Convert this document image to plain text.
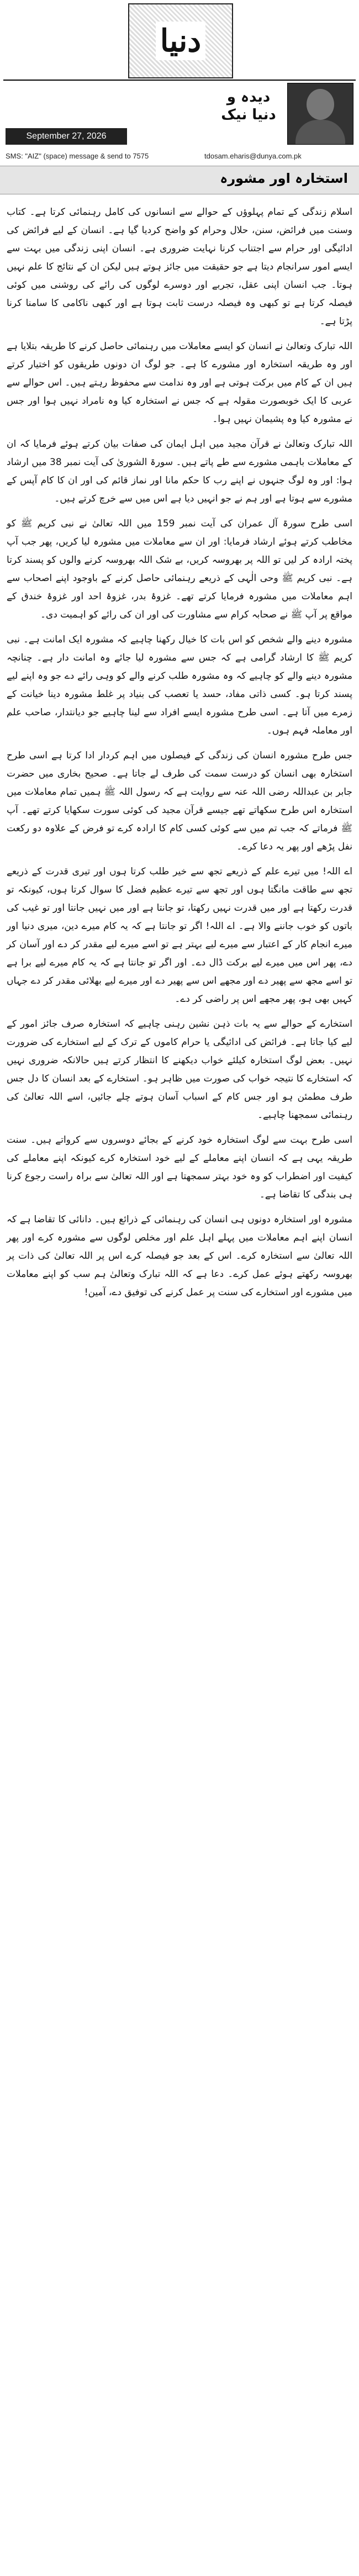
دنیا
دیدہ و دنیا نیک
September 27, 2026
SMS: "AIZ" (space) message & send to 7575	tdosam.eharis@dunya.com.pk
استخارہ اور مشورہ

اسلام زندگی کے تمام پہلوؤں کے حوالے سے انسانوں کی کامل رہنمائی کرتا ہے۔ کتاب وسنت میں فرائض، سنن، حلال وحرام کو واضح کردیا گیا ہے۔ انسان کے لیے فرائض کی ادائیگی اور حرام سے اجتناب کرنا نہایت ضروری ہے۔ انسان اپنی زندگی میں بہت سے ایسے امور سرانجام دیتا ہے جو حقیقت میں جائز ہوتے ہیں لیکن ان کے نتائج کا علم نہیں ہوتا۔ جب انسان اپنی عقل، تجربے اور دوسرے لوگوں کی رائے کی روشنی میں کوئی فیصلہ کرتا ہے تو کبھی وہ فیصلہ درست ثابت ہوتا ہے اور کبھی ناکامی کا سامنا کرنا پڑتا ہے۔

اللہ تبارک وتعالیٰ نے انسان کو ایسے معاملات میں رہنمائی حاصل کرنے کا طریقہ بتلایا ہے اور وہ طریقہ استخارہ اور مشورے کا ہے۔ جو لوگ ان دونوں طریقوں کو اختیار کرتے ہیں ان کے کام میں برکت ہوتی ہے اور وہ ندامت سے محفوظ رہتے ہیں۔ اس حوالے سے عربی کا ایک خوبصورت مقولہ ہے کہ جس نے استخارہ کیا وہ نامراد نہیں ہوا اور جس نے مشورہ کیا وہ پشیمان نہیں ہوا۔

اللہ تبارک وتعالیٰ نے قرآن مجید میں اہل ایمان کی صفات بیان کرتے ہوئے فرمایا کہ ان کے معاملات باہمی مشورے سے طے پاتے ہیں۔ سورۃ الشوریٰ کی آیت نمبر 38 میں ارشاد ہوا: اور وہ لوگ جنہوں نے اپنے رب کا حکم مانا اور نماز قائم کی اور ان کا کام آپس کے مشورے سے ہوتا ہے اور ہم نے جو انہیں دیا ہے اس میں سے خرچ کرتے ہیں۔

اسی طرح سورۃ آل عمران کی آیت نمبر 159 میں اللہ تعالیٰ نے نبی کریم ﷺ کو مخاطب کرتے ہوئے ارشاد فرمایا: اور ان سے معاملات میں مشورہ لیا کریں، پھر جب آپ پختہ ارادہ کر لیں تو اللہ پر بھروسہ کریں، بے شک اللہ بھروسہ کرنے والوں کو پسند کرتا ہے۔ نبی کریم ﷺ وحی الٰہی کے ذریعے رہنمائی حاصل کرنے کے باوجود اپنے اصحاب سے اہم معاملات میں مشورہ فرمایا کرتے تھے۔ غزوۂ بدر، غزوۂ احد اور غزوۂ خندق کے مواقع پر آپ ﷺ نے صحابہ کرام سے مشاورت کی اور ان کی رائے کو اہمیت دی۔

مشورہ دینے والے شخص کو اس بات کا خیال رکھنا چاہیے کہ مشورہ ایک امانت ہے۔ نبی کریم ﷺ کا ارشاد گرامی ہے کہ جس سے مشورہ لیا جائے وہ امانت دار ہے۔ چنانچہ مشورہ دینے والے کو چاہیے کہ وہ مشورہ طلب کرنے والے کو وہی رائے دے جو وہ اپنے لیے پسند کرتا ہو۔ کسی ذاتی مفاد، حسد یا تعصب کی بنیاد پر غلط مشورہ دینا خیانت کے زمرے میں آتا ہے۔ اسی طرح مشورہ ایسے افراد سے لینا چاہیے جو دیانتدار، صاحب علم اور معاملہ فہم ہوں۔

جس طرح مشورہ انسان کی زندگی کے فیصلوں میں اہم کردار ادا کرتا ہے اسی طرح استخارہ بھی انسان کو درست سمت کی طرف لے جاتا ہے۔ صحیح بخاری میں حضرت جابر بن عبداللہ رضی اللہ عنہ سے روایت ہے کہ رسول اللہ ﷺ ہمیں تمام معاملات میں استخارہ اس طرح سکھاتے تھے جیسے قرآن مجید کی کوئی سورت سکھایا کرتے تھے۔ آپ ﷺ فرماتے کہ جب تم میں سے کوئی کسی کام کا ارادہ کرے تو فرض کے علاوہ دو رکعت نفل پڑھے اور پھر یہ دعا کرے۔

اے اللہ! میں تیرے علم کے ذریعے تجھ سے خیر طلب کرتا ہوں اور تیری قدرت کے ذریعے تجھ سے طاقت مانگتا ہوں اور تجھ سے تیرے عظیم فضل کا سوال کرتا ہوں، کیونکہ تو قدرت رکھتا ہے اور میں قدرت نہیں رکھتا، تو جانتا ہے اور میں نہیں جانتا اور تو غیب کی باتوں کو خوب جاننے والا ہے۔ اے اللہ! اگر تو جانتا ہے کہ یہ کام میرے دین، میری دنیا اور میرے انجام کار کے اعتبار سے میرے لیے بہتر ہے تو اسے میرے لیے مقدر کر دے اور آسان کر دے، پھر اس میں میرے لیے برکت ڈال دے۔ اور اگر تو جانتا ہے کہ یہ کام میرے لیے برا ہے تو اسے مجھ سے پھیر دے اور مجھے اس سے پھیر دے اور میرے لیے بھلائی مقدر کر دے جہاں کہیں بھی ہو، پھر مجھے اس پر راضی کر دے۔

استخارے کے حوالے سے یہ بات ذہن نشین رہنی چاہیے کہ استخارہ صرف جائز امور کے لیے کیا جاتا ہے۔ فرائض کی ادائیگی یا حرام کاموں کے ترک کے لیے استخارے کی ضرورت نہیں۔ بعض لوگ استخارہ کیلئے خواب دیکھنے کا انتظار کرتے ہیں حالانکہ ضروری نہیں کہ استخارے کا نتیجہ خواب کی صورت میں ظاہر ہو۔ استخارے کے بعد انسان کا دل جس طرف مطمئن ہو اور جس کام کے اسباب آسان ہوتے چلے جائیں، اسے اللہ تعالیٰ کی رہنمائی سمجھنا چاہیے۔

اسی طرح بہت سے لوگ استخارہ خود کرنے کے بجائے دوسروں سے کرواتے ہیں۔ سنت طریقہ یہی ہے کہ انسان اپنے معاملے کے لیے خود استخارہ کرے کیونکہ اپنے معاملے کی کیفیت اور اضطراب کو وہ خود بہتر سمجھتا ہے اور اللہ تعالیٰ سے براہ راست رجوع کرنا ہی بندگی کا تقاضا ہے۔

مشورہ اور استخارہ دونوں ہی انسان کی رہنمائی کے ذرائع ہیں۔ دانائی کا تقاضا ہے کہ انسان اپنے اہم معاملات میں پہلے اہل علم اور مخلص لوگوں سے مشورہ کرے اور پھر اللہ تعالیٰ سے استخارہ کرے۔ اس کے بعد جو فیصلہ کرے اس پر اللہ تعالیٰ کی ذات پر بھروسہ رکھتے ہوئے عمل کرے۔ دعا ہے کہ اللہ تبارک وتعالیٰ ہم سب کو اپنے معاملات میں مشورے اور استخارے کی سنت پر عمل کرنے کی توفیق دے، آمین!
